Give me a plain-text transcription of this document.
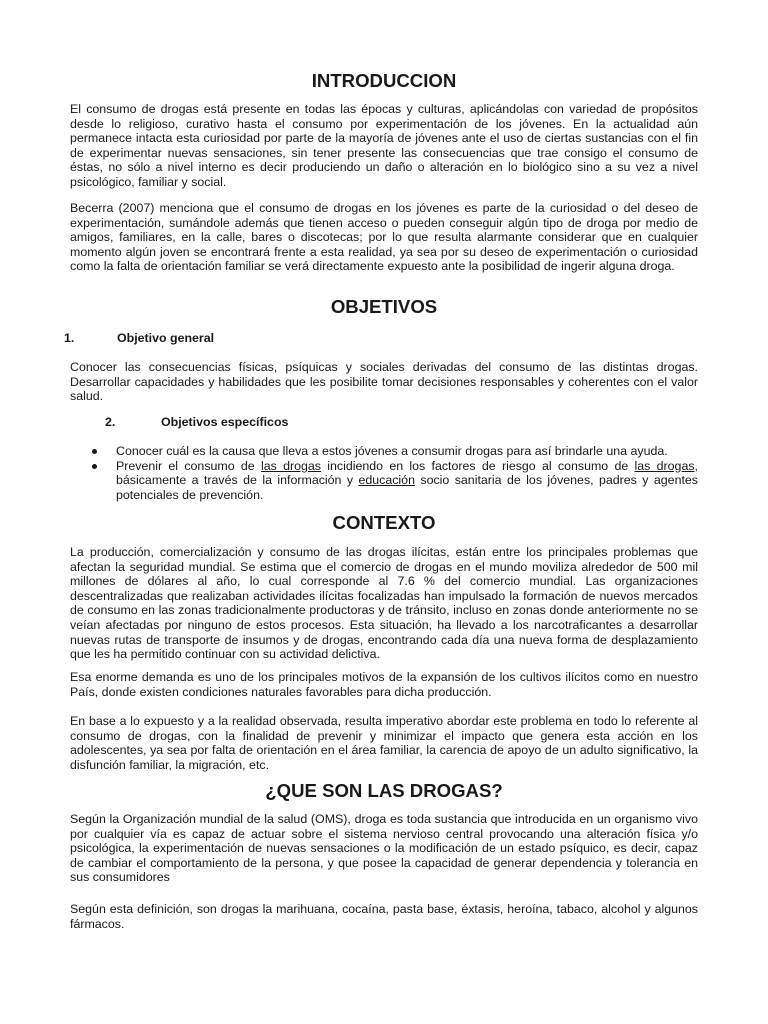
INTRODUCCION

El consumo de drogas está presente en todas las épocas y culturas, aplicándolas con variedad de propósitos desde lo religioso, curativo hasta el consumo por experimentación de los jóvenes. En la actualidad aún permanece intacta esta curiosidad por parte de la mayoría de jóvenes ante el uso de ciertas sustancias con el fin de experimentar nuevas sensaciones, sin tener presente las consecuencias que trae consigo el consumo de éstas, no sólo a nivel interno es decir produciendo un daño o alteración en lo biológico sino a su vez a nivel psicológico, familiar y social.

Becerra (2007) menciona que el consumo de drogas en los jóvenes es parte de la curiosidad o del deseo de experimentación, sumándole además que tienen acceso o pueden conseguir algún tipo de droga por medio de amigos, familiares, en la calle, bares o discotecas; por lo que resulta alarmante considerar que en cualquier momento algún joven se encontrará frente a esta realidad, ya sea por su deseo de experimentación o curiosidad como la falta de orientación familiar se verá directamente expuesto ante la posibilidad de ingerir alguna droga.

OBJETIVOS
1.	Objetivo general

Conocer las consecuencias físicas, psíquicas y sociales derivadas del consumo de las distintas drogas. Desarrollar capacidades y habilidades que les posibilite tomar decisiones responsables y coherentes con el valor salud.

2.	Objetivos específicos
Conocer cuál es la causa que lleva a estos jóvenes a consumir drogas para así brindarle una ayuda.
Prevenir el consumo de las drogas incidiendo en los factores de riesgo al consumo de las drogas, básicamente a través de la información y educación socio sanitaria de los jóvenes, padres y agentes potenciales de prevención.
CONTEXTO

La producción, comercialización y consumo de las drogas ilícitas, están entre los principales problemas que afectan la seguridad mundial. Se estima que el comercio de drogas en el mundo moviliza alrededor de 500 mil millones de dólares al año, lo cual corresponde al 7.6 % del comercio mundial. Las organizaciones descentralizadas que realizaban actividades ilícitas focalizadas han impulsado la formación de nuevos mercados de consumo en las zonas tradicionalmente productoras y de tránsito, incluso en zonas donde anteriormente no se veían afectadas por ninguno de estos procesos. Esta situación, ha llevado a los narcotraficantes a desarrollar nuevas rutas de transporte de insumos y de drogas, encontrando cada día una nueva forma de desplazamiento que les ha permitido continuar con su actividad delictiva.

Esa enorme demanda es uno de los principales motivos de la expansión de los cultivos ilícitos como en nuestro País, donde existen condiciones naturales favorables para dicha producción.

En base a lo expuesto y a la realidad observada, resulta imperativo abordar este problema en todo lo referente al consumo de drogas, con la finalidad de prevenir y minimizar el impacto que genera esta acción en los adolescentes, ya sea por falta de orientación en el área familiar, la carencia de apoyo de un adulto significativo, la disfunción familiar, la migración, etc.

¿QUE SON LAS DROGAS?

Según la Organización mundial de la salud (OMS), droga es toda sustancia que introducida en un organismo vivo por cualquier vía es capaz de actuar sobre el sistema nervioso central provocando una alteración física y/o psicológica, la experimentación de nuevas sensaciones o la modificación de un estado psíquico, es decir, capaz de cambiar el comportamiento de la persona, y que posee la capacidad de generar dependencia y tolerancia en sus consumidores

Según esta definición, son drogas la marihuana, cocaína, pasta base, éxtasis, heroína, tabaco, alcohol y algunos fármacos.
